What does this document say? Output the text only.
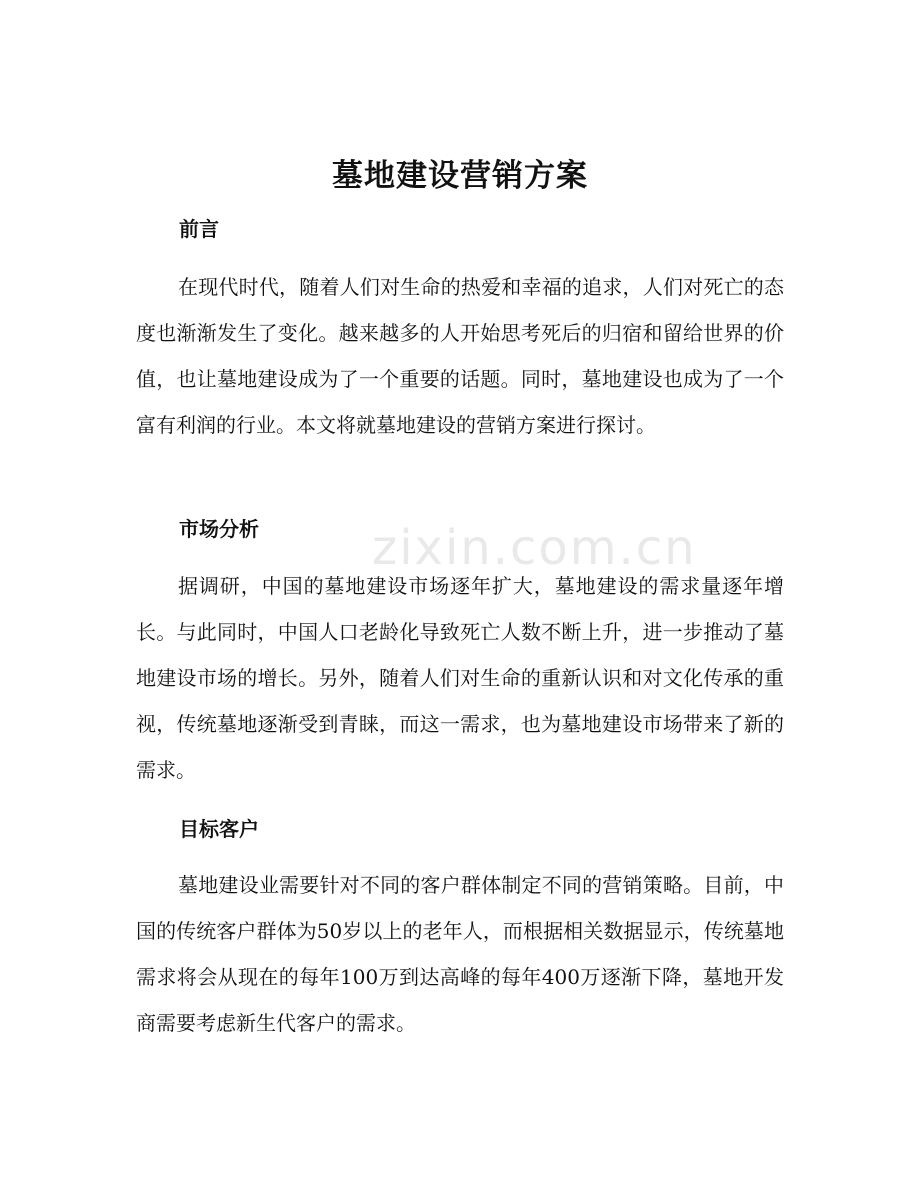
zixin.com.cn
墓地建设营销方案
前言

在现代时代，随着人们对生命的热爱和幸福的追求，人们对死亡的态度也渐渐发生了变化。越来越多的人开始思考死后的归宿和留给世界的价值，也让墓地建设成为了一个重要的话题。同时，墓地建设也成为了一个富有利润的行业。本文将就墓地建设的营销方案进行探讨。

市场分析

据调研，中国的墓地建设市场逐年扩大，墓地建设的需求量逐年增长。与此同时，中国人口老龄化导致死亡人数不断上升，进一步推动了墓地建设市场的增长。另外，随着人们对生命的重新认识和对文化传承的重视，传统墓地逐渐受到青睐，而这一需求，也为墓地建设市场带来了新的需求。

目标客户

墓地建设业需要针对不同的客户群体制定不同的营销策略。目前，中国的传统客户群体为50岁以上的老年人，而根据相关数据显示，传统墓地需求将会从现在的每年100万到达高峰的每年400万逐渐下降，墓地开发商需要考虑新生代客户的需求。
